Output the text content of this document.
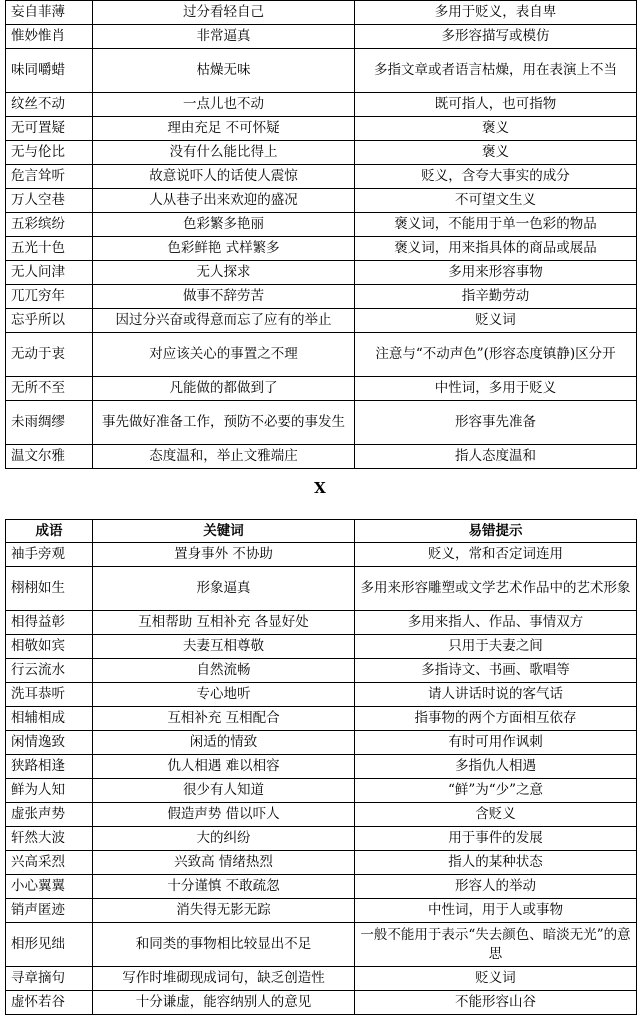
妄自菲薄	过分看轻自己	多用于贬义，表自卑
惟妙惟肖	非常逼真	多形容描写或模仿
味同嚼蜡	枯燥无味	多指文章或者语言枯燥，用在表演上不当
纹丝不动	一点儿也不动	既可指人，也可指物
无可置疑	理由充足 不可怀疑	褒义
无与伦比	没有什么能比得上	褒义
危言耸听	故意说吓人的话使人震惊	贬义，含夸大事实的成分
万人空巷	人从巷子出来欢迎的盛况	不可望文生义
五彩缤纷	色彩繁多艳丽	褒义词，不能用于单一色彩的物品
五光十色	色彩鲜艳 式样繁多	褒义词，用来指具体的商品或展品
无人问津	无人探求	多用来形容事物
兀兀穷年	做事不辞劳苦	指辛勤劳动
忘乎所以	因过分兴奋或得意而忘了应有的举止	贬义词
无动于衷	对应该关心的事置之不理	注意与“不动声色”(形容态度镇静)区分开
无所不至	凡能做的都做到了	中性词，多用于贬义
未雨绸缪	事先做好准备工作，预防不必要的事发生	形容事先准备
温文尔雅	态度温和，举止文雅端庄	指人态度温和
X
成语	关键词	易错提示
袖手旁观	置身事外 不协助	贬义，常和否定词连用
栩栩如生	形象逼真	多用来形容雕塑或文学艺术作品中的艺术形象
相得益彰	互相帮助 互相补充 各显好处	多用来指人、作品、事情双方
相敬如宾	夫妻互相尊敬	只用于夫妻之间
行云流水	自然流畅	多指诗文、书画、歌唱等
洗耳恭听	专心地听	请人讲话时说的客气话
相辅相成	互相补充 互相配合	指事物的两个方面相互依存
闲情逸致	闲适的情致	有时可用作讽刺
狭路相逢	仇人相遇 难以相容	多指仇人相遇
鲜为人知	很少有人知道	“鲜”为“少”之意
虚张声势	假造声势 借以吓人	含贬义
轩然大波	大的纠纷	用于事件的发展
兴高采烈	兴致高 情绪热烈	指人的某种状态
小心翼翼	十分谨慎 不敢疏忽	形容人的举动
销声匿迹	消失得无影无踪	中性词，用于人或事物
相形见绌	和同类的事物相比较显出不足	一般不能用于表示“失去颜色、暗淡无光”的意思
寻章摘句	写作时堆砌现成词句，缺乏创造性	贬义词
虚怀若谷	十分谦虚，能容纳别人的意见	不能形容山谷
